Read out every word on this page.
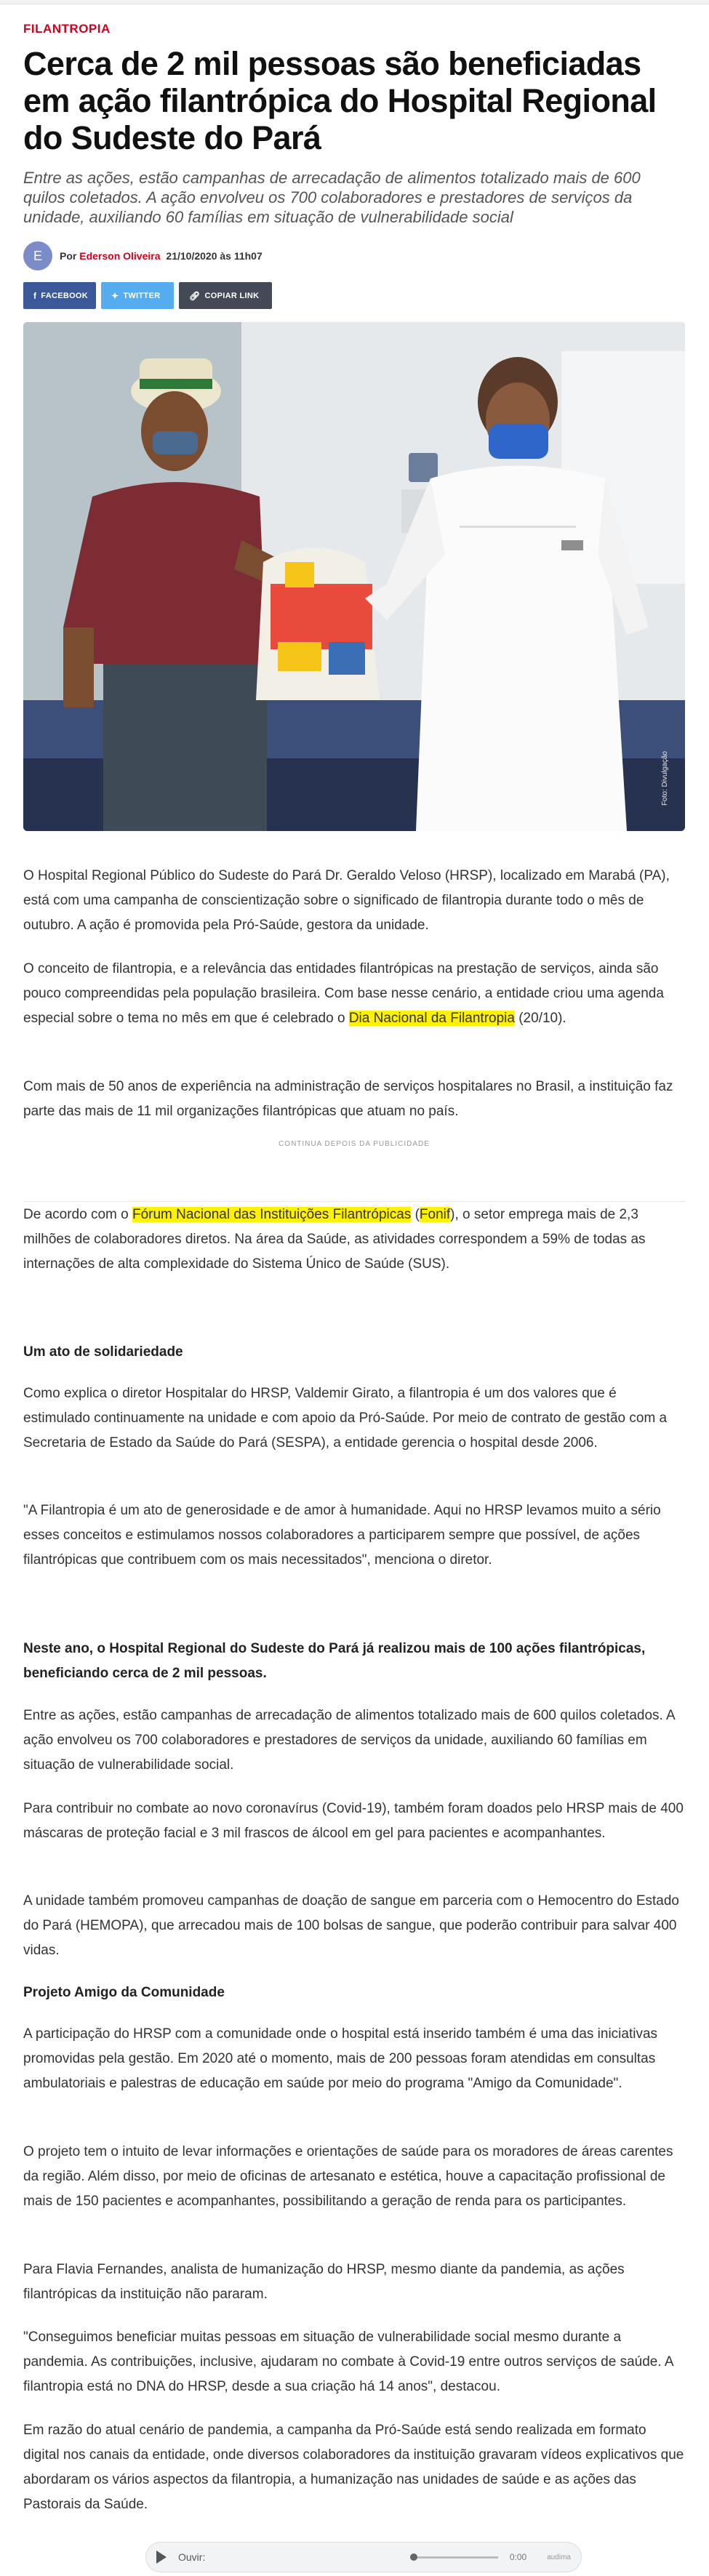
FILANTROPIA
Cerca de 2 mil pessoas são beneficiadas em ação filantrópica do Hospital Regional do Sudeste do Pará

Entre as ações, estão campanhas de arrecadação de alimentos totalizado mais de 600 quilos coletados. A ação envolveu os 700 colaboradores e prestadores de serviços da unidade, auxiliando 60 famílias em situação de vulnerabilidade social

E	Por Ederson Oliveira 21/10/2020 às 11h07
f FACEBOOK	✦ TWITTER	🔗︎ COPIAR LINK
Foto: Divulgação

O Hospital Regional Público do Sudeste do Pará Dr. Geraldo Veloso (HRSP), localizado em Marabá (PA), está com uma campanha de conscientização sobre o significado de filantropia durante todo o mês de outubro. A ação é promovida pela Pró-Saúde, gestora da unidade.

O conceito de filantropia, e a relevância das entidades filantrópicas na prestação de serviços, ainda são pouco compreendidas pela população brasileira. Com base nesse cenário, a entidade criou uma agenda especial sobre o tema no mês em que é celebrado o Dia Nacional da Filantropia (20/10).

Com mais de 50 anos de experiência na administração de serviços hospitalares no Brasil, a instituição faz parte das mais de 11 mil organizações filantrópicas que atuam no país.

CONTINUA DEPOIS DA PUBLICIDADE

De acordo com o Fórum Nacional das Instituições Filantrópicas (Fonif), o setor emprega mais de 2,3 milhões de colaboradores diretos. Na área da Saúde, as atividades correspondem a 59% de todas as internações de alta complexidade do Sistema Único de Saúde (SUS).

Um ato de solidariedade

Como explica o diretor Hospitalar do HRSP, Valdemir Girato, a filantropia é um dos valores que é estimulado continuamente na unidade e com apoio da Pró-Saúde. Por meio de contrato de gestão com a Secretaria de Estado da Saúde do Pará (SESPA), a entidade gerencia o hospital desde 2006.

"A Filantropia é um ato de generosidade e de amor à humanidade. Aqui no HRSP levamos muito a sério esses conceitos e estimulamos nossos colaboradores a participarem sempre que possível, de ações filantrópicas que contribuem com os mais necessitados", menciona o diretor.

Neste ano, o Hospital Regional do Sudeste do Pará já realizou mais de 100 ações filantrópicas, beneficiando cerca de 2 mil pessoas.

Entre as ações, estão campanhas de arrecadação de alimentos totalizado mais de 600 quilos coletados. A ação envolveu os 700 colaboradores e prestadores de serviços da unidade, auxiliando 60 famílias em situação de vulnerabilidade social.

Para contribuir no combate ao novo coronavírus (Covid-19), também foram doados pelo HRSP mais de 400 máscaras de proteção facial e 3 mil frascos de álcool em gel para pacientes e acompanhantes.

A unidade também promoveu campanhas de doação de sangue em parceria com o Hemocentro do Estado do Pará (HEMOPA), que arrecadou mais de 100 bolsas de sangue, que poderão contribuir para salvar 400 vidas.

Projeto Amigo da Comunidade

A participação do HRSP com a comunidade onde o hospital está inserido também é uma das iniciativas promovidas pela gestão. Em 2020 até o momento, mais de 200 pessoas foram atendidas em consultas ambulatoriais e palestras de educação em saúde por meio do programa "Amigo da Comunidade".

O projeto tem o intuito de levar informações e orientações de saúde para os moradores de áreas carentes da região. Além disso, por meio de oficinas de artesanato e estética, houve a capacitação profissional de mais de 150 pacientes e acompanhantes, possibilitando a geração de renda para os participantes.

Para Flavia Fernandes, analista de humanização do HRSP, mesmo diante da pandemia, as ações filantrópicas da instituição não pararam.

"Conseguimos beneficiar muitas pessoas em situação de vulnerabilidade social mesmo durante a pandemia. As contribuições, inclusive, ajudaram no combate à Covid-19 entre outros serviços de saúde. A filantropia está no DNA do HRSP, desde a sua criação há 14 anos", destacou.

Em razão do atual cenário de pandemia, a campanha da Pró-Saúde está sendo realizada em formato digital nos canais da entidade, onde diversos colaboradores da instituição gravaram vídeos explicativos que abordaram os vários aspectos da filantropia, a humanização nas unidades de saúde e as ações das Pastorais da Saúde.

Ouvir:	0:00	audima
